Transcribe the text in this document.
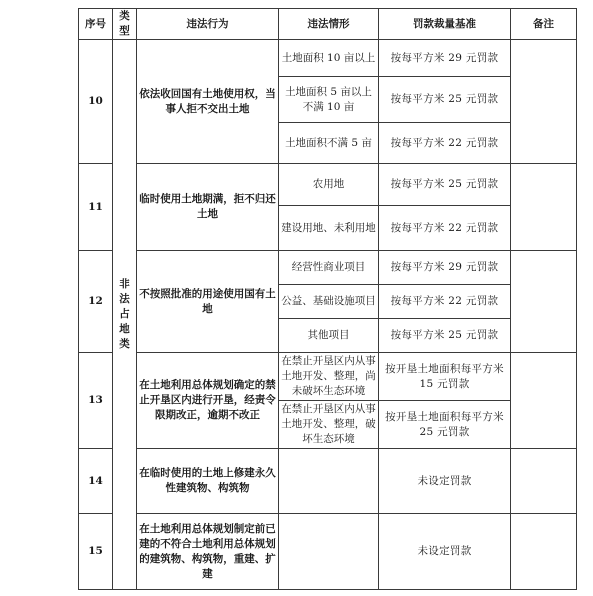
序号	类型	违法行为	违法情形	罚款裁量基准	备注
10	非法占地类	依法收回国有土地使用权，当事人拒不交出土地	土地面积 10 亩以上	按每平方米 29 元罚款	
			土地面积 5 亩以上不满 10 亩	按每平方米 25 元罚款	
			土地面积不满 5 亩	按每平方米 22 元罚款	
11		临时使用土地期满，拒不归还土地	农用地	按每平方米 25 元罚款	
			建设用地、未利用地	按每平方米 22 元罚款	
12		不按照批准的用途使用国有土地	经营性商业项目	按每平方米 29 元罚款	
			公益、基础设施项目	按每平方米 22 元罚款	
			其他项目	按每平方米 25 元罚款	
13		在土地利用总体规划确定的禁止开垦区内进行开垦，经责令限期改正，逾期不改正	在禁止开垦区内从事土地开发、整理，尚未破坏生态环境	按开垦土地面积每平方米 15 元罚款	
			在禁止开垦区内从事土地开发、整理，破坏生态环境	按开垦土地面积每平方米 25 元罚款	
14		在临时使用的土地上修建永久性建筑物、构筑物		未设定罚款	
15		在土地利用总体规划制定前已建的不符合土地利用总体规划的建筑物、构筑物，重建、扩建		未设定罚款	
